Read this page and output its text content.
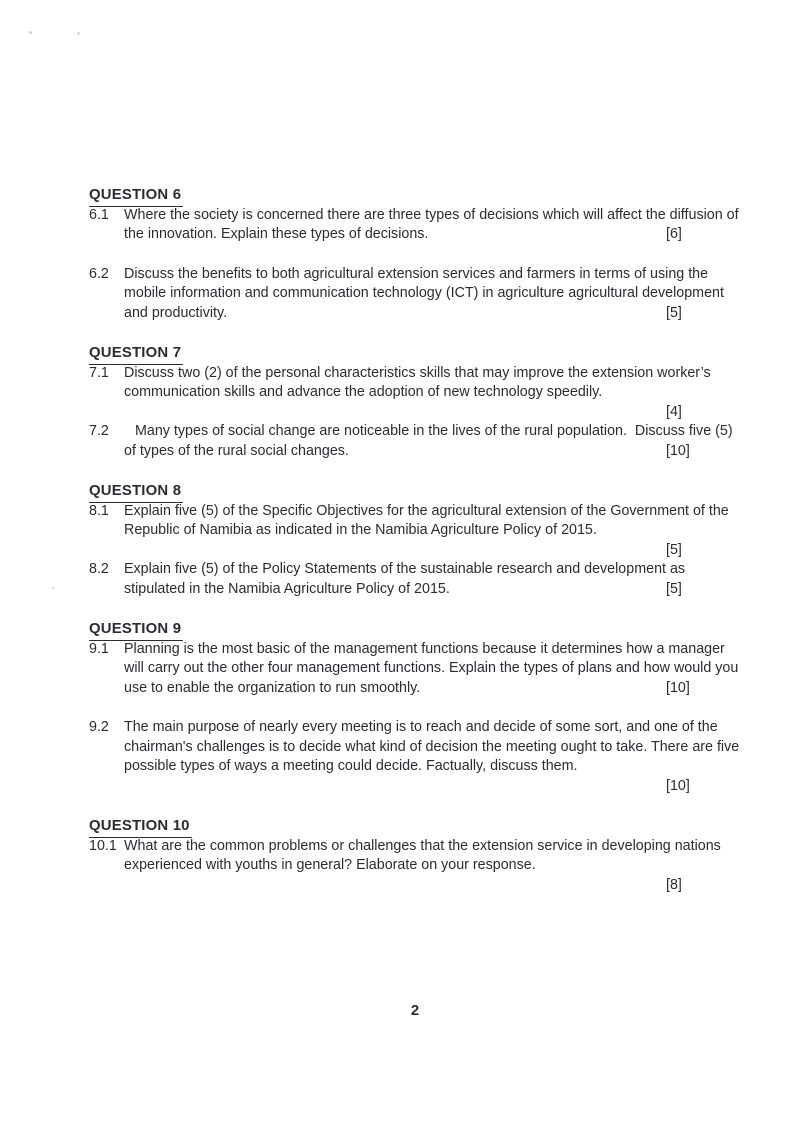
QUESTION 6
6.1	Where the society is concerned there are three types of decisions which will affect the diffusion of the innovation. Explain these types of decisions.	[6]
6.2	Discuss the benefits to both agricultural extension services and farmers in terms of using the mobile information and communication technology (ICT) in agriculture agricultural development and productivity.	[5]
QUESTION 7
7.1	Discuss two (2) of the personal characteristics skills that may improve the extension worker’s communication skills and advance the adoption of new technology speedily.
[4]
7.2	Many types of social change are noticeable in the lives of the rural population.  Discuss five (5) of types of the rural social changes.	[10]
QUESTION 8
8.1	Explain five (5) of the Specific Objectives for the agricultural extension of the Government of the Republic of Namibia as indicated in the Namibia Agriculture Policy of 2015.
[5]
8.2	Explain five (5) of the Policy Statements of the sustainable research and development as stipulated in the Namibia Agriculture Policy of 2015.	[5]
QUESTION 9
9.1	Planning is the most basic of the management functions because it determines how a manager will carry out the other four management functions. Explain the types of plans and how would you use to enable the organization to run smoothly.	[10]
9.2	The main purpose of nearly every meeting is to reach and decide of some sort, and one of the chairman's challenges is to decide what kind of decision the meeting ought to take. There are five possible types of ways a meeting could decide. Factually, discuss them.
[10]
QUESTION 10
10.1 What are the common problems or challenges that the extension service in developing nations experienced with youths in general? Elaborate on your response.
[8]
2
